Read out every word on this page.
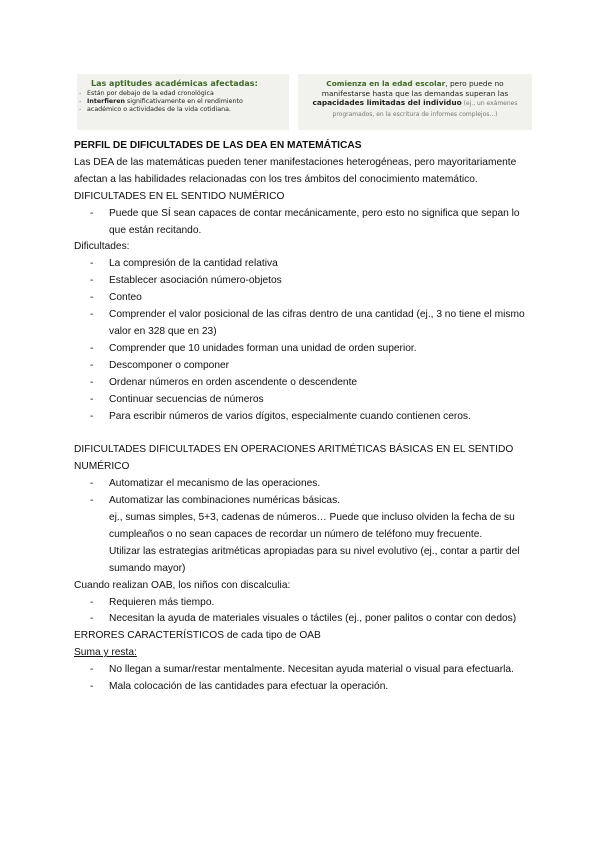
Las aptitudes académicas afectadas:
- Están por debajo de la edad cronológica
- Interfieren significativamente en el rendimiento
- académico o actividades de la vida cotidiana.
Comienza en la edad escolar, pero puede no
manifestarse hasta que las demandas superan las
capacidades limitadas del individuo (ej., un exámenes
programados, en la escritura de informes complejos...)

PERFIL DE DIFICULTADES DE LAS DEA EN MATEMÁTICAS

Las DEA de las matemáticas pueden tener manifestaciones heterogéneas, pero mayoritariamente afectan a las habilidades relacionadas con los tres ámbitos del conocimiento matemático.

DIFICULTADES EN EL SENTIDO NUMÉRICO

- Puede que SÍ sean capaces de contar mecánicamente, pero esto no significa que sepan lo que están recitando.

Dificultades:

- La compresión de la cantidad relativa

- Establecer asociación número-objetos

- Conteo

- Comprender el valor posicional de las cifras dentro de una cantidad (ej., 3 no tiene el mismo valor en 328 que en 23)

- Comprender que 10 unidades forman una unidad de orden superior.

- Descomponer o componer

- Ordenar números en orden ascendente o descendente

- Continuar secuencias de números

- Para escribir números de varios dígitos, especialmente cuando contienen ceros.

DIFICULTADES DIFICULTADES EN OPERACIONES ARITMÉTICAS BÁSICAS EN EL SENTIDO NUMÉRICO

- Automatizar el mecanismo de las operaciones.

- Automatizar las combinaciones numéricas básicas.

ej., sumas simples, 5+3, cadenas de números… Puede que incluso olviden la fecha de su cumpleaños o no sean capaces de recordar un número de teléfono muy frecuente.

Utilizar las estrategias aritméticas apropiadas para su nivel evolutivo (ej., contar a partir del sumando mayor)

Cuando realizan OAB, los niños con discalculia:

- Requieren más tiempo.

- Necesitan la ayuda de materiales visuales o táctiles (ej., poner palitos o contar con dedos)

ERRORES CARACTERÍSTICOS de cada tipo de OAB

Suma y resta:

- No llegan a sumar/restar mentalmente. Necesitan ayuda material o visual para efectuarla.

- Mala colocación de las cantidades para efectuar la operación.
